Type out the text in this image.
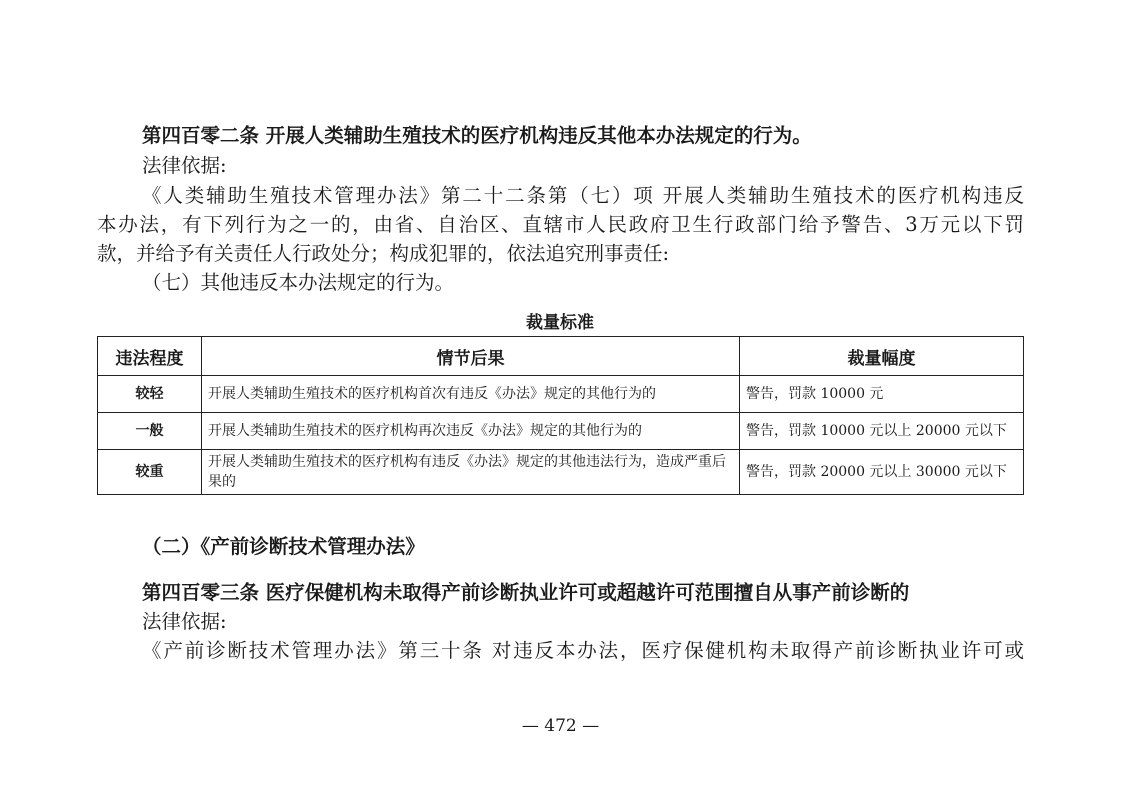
第四百零二条 开展人类辅助生殖技术的医疗机构违反其他本办法规定的行为。
法律依据:
《人类辅助生殖技术管理办法》第二十二条第（七）项 开展人类辅助生殖技术的医疗机构违反
本办法，有下列行为之一的，由省、自治区、直辖市人民政府卫生行政部门给予警告、3万元以下罚
款，并给予有关责任人行政处分；构成犯罪的，依法追究刑事责任:
（七）其他违反本办法规定的行为。
裁量标准
违法程度	情节后果	裁量幅度
较轻	开展人类辅助生殖技术的医疗机构首次有违反《办法》规定的其他行为的	警告，罚款 10000 元
一般	开展人类辅助生殖技术的医疗机构再次违反《办法》规定的其他行为的	警告，罚款 10000 元以上 20000 元以下
较重	开展人类辅助生殖技术的医疗机构有违反《办法》规定的其他违法行为，造成严重后果的	警告，罚款 20000 元以上 30000 元以下
（二）《产前诊断技术管理办法》
第四百零三条 医疗保健机构未取得产前诊断执业许可或超越许可范围擅自从事产前诊断的
法律依据:
《产前诊断技术管理办法》第三十条 对违反本办法，医疗保健机构未取得产前诊断执业许可或
— 472 —
